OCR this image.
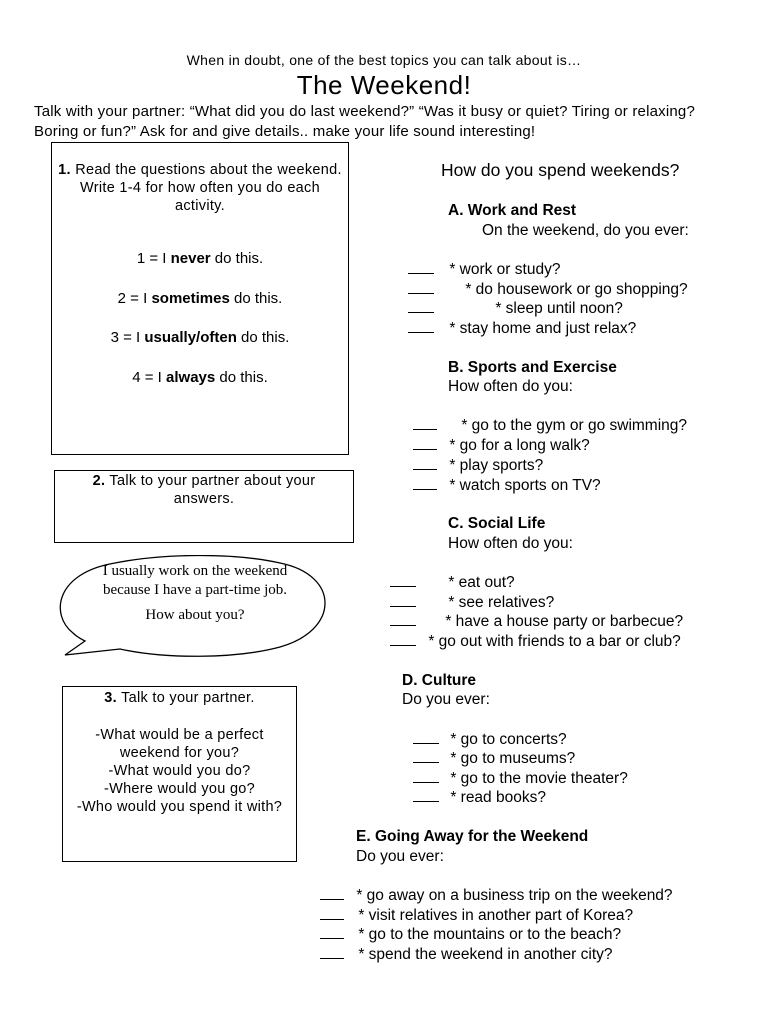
When in doubt, one of the best topics you can talk about is…
The Weekend!
Talk with your partner: “What did you do last weekend?” “Was it busy or quiet? Tiring or relaxing? Boring or fun?” Ask for and give details.. make your life sound interesting!
1. Read the questions about the weekend. Write 1-4 for how often you do each activity.
1 = I never do this.
2 = I sometimes do this.
3 = I usually/often do this.
4 = I always do this.
2. Talk to your partner about your answers.
I usually work on the weekend because I have a part-time job.
How about you?
3. Talk to your partner.
-What would be a perfect weekend for you?
-What would you do?
-Where would you go?
-Who would you spend it with?
How do you spend weekends?
A. Work and Rest
On the weekend, do you ever:
* work or study?
* do housework or go shopping?
* sleep until noon?
* stay home and just relax?
B. Sports and Exercise
How often do you:
* go to the gym or go swimming?
* go for a long walk?
* play sports?
* watch sports on TV?
C. Social Life
How often do you:
* eat out?
* see relatives?
* have a house party or barbecue?
* go out with friends to a bar or club?
D. Culture
Do you ever:
* go to concerts?
* go to museums?
* go to the movie theater?
* read books?
E. Going Away for the Weekend
Do you ever:
* go away on a business trip on the weekend?
* visit relatives in another part of Korea?
* go to the mountains or to the beach?
* spend the weekend in another city?
